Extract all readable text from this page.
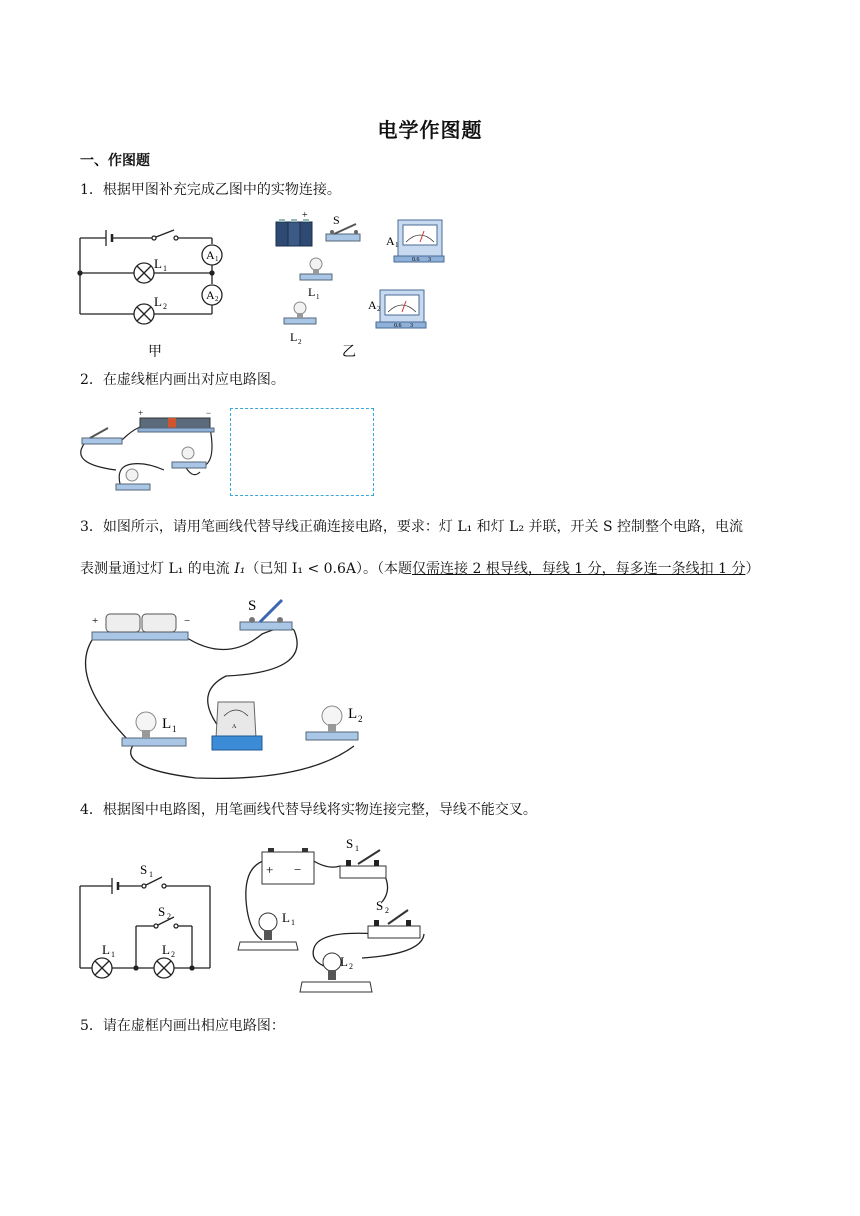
电学作图题
一、作图题
1．根据甲图补充完成乙图中的实物连接。
L 1
L 2
A 1
A 2
甲
+ S
A 1
0.6 3
L 1
A 2
0.6 3
L 2
乙
2．在虚线框内画出对应电路图。
+	−
3．如图所示，请用笔画线代替导线正确连接电路，要求：灯 L₁ 和灯 L₂ 并联，开关 S 控制整个电路，电流
表测量通过灯 L₁ 的电流 I₁（已知 I₁ < 0.6A）。（本题仅需连接 2 根导线，每线 1 分，每多连一条线扣 1 分）
+	−
S
L 1	A
L 2
4．根据图中电路图，用笔画线代替导线将实物连接完整，导线不能交叉。
S 1
S 2
L 1	L 2
+ −
S 1
S 2
L 1
L 2
5．请在虚框内画出相应电路图：
